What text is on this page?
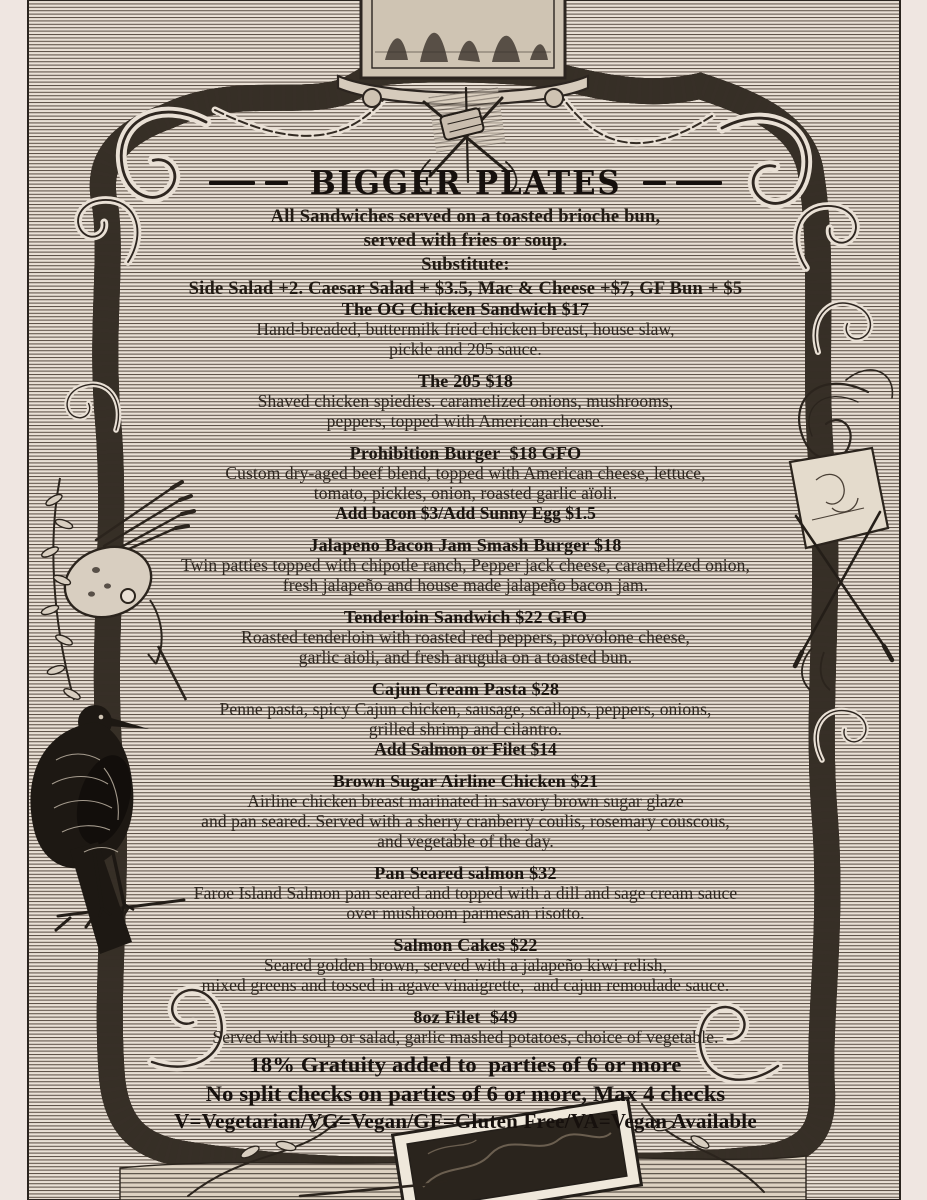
BIGGER PLATES
All Sandwiches served on a toasted brioche bun,
served with fries or soup.
Substitute:
Side Salad +2. Caesar Salad + $3.5, Mac & Cheese +$7, GF Bun + $5
The OG Chicken Sandwich $17
Hand-breaded, buttermilk fried chicken breast, house slaw,
pickle and 205 sauce.
The 205 $18
Shaved chicken spiedies. caramelized onions, mushrooms,
peppers, topped with American cheese.
Prohibition Burger  $18 GFO
Custom dry-aged beef blend, topped with American cheese, lettuce,
tomato, pickles, onion, roasted garlic aïoli.
Add bacon $3/Add Sunny Egg $1.5
Jalapeno Bacon Jam Smash Burger $18
Twin patties topped with chipotle ranch, Pepper jack cheese, caramelized onion,
fresh jalapeño and house made jalapeño bacon jam.
Tenderloin Sandwich $22 GFO
Roasted tenderloin with roasted red peppers, provolone cheese,
garlic aioli, and fresh arugula on a toasted bun.
Cajun Cream Pasta $28
Penne pasta, spicy Cajun chicken, sausage, scallops, peppers, onions,
grilled shrimp and cilantro.
Add Salmon or Filet $14
Brown Sugar Airline Chicken $21
Airline chicken breast marinated in savory brown sugar glaze
and pan seared. Served with a sherry cranberry coulis, rosemary couscous,
and vegetable of the day.
Pan Seared salmon $32
Faroe Island Salmon pan seared and topped with a dill and sage cream sauce
over mushroom parmesan risotto.
Salmon Cakes $22
Seared golden brown, served with a jalapeño kiwi relish,
mixed greens and tossed in agave vinaigrette,  and cajun remoulade sauce.
8oz Filet  $49
Served with soup or salad, garlic mashed potatoes, choice of vegetable.
18% Gratuity added to  parties of 6 or more
No split checks on parties of 6 or more, Max 4 checks
V=Vegetarian/VG=Vegan/GF=Gluten Free/VA=Vegan Available
